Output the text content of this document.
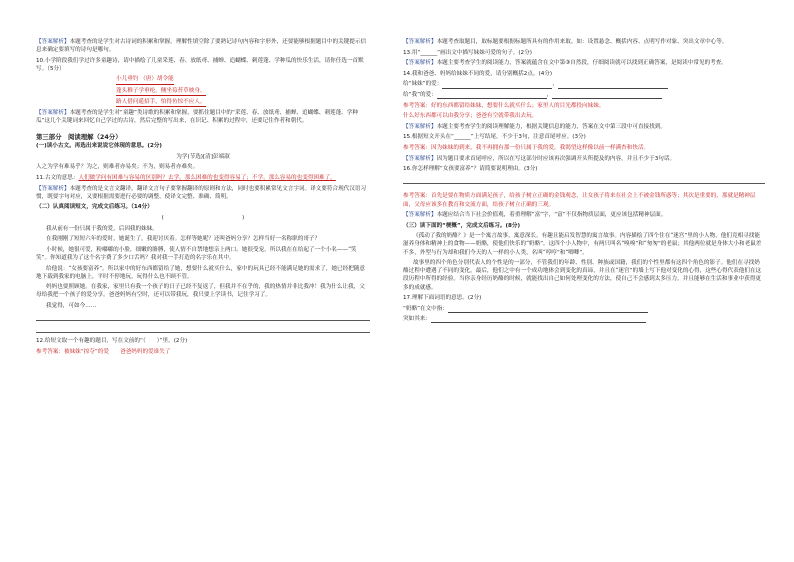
【答案解析】本题考查的是学生对古诗词的积累和掌握。理解性填空除了要熟记诗句内容和字形外，还要能够根据题目中的关键提示信息来确定要填写的诗句是哪句。

10.小学阶段我们学过许多童趣诗，请中描绘了儿童采莲、春、放纸鸢、捕蝉、追蝴蝶、刺莲蓬、学种瓜的快乐生活，请你任选一首默写。（5分）

小儿垂钓 （唐）胡令能
蓬头稚子学垂纶，侧坐莓苔草映身。
路人借问遥招手，怕得鱼惊不应人。

【答案解析】本题考查的是学生对“童趣”类诗歌的积累和掌握，要抓住题目中的“采莲、春、放纸鸢、捕蝉、追蝴蝶、刺莲蓬、学种瓜”这几个关键词来回忆自己学过的古诗，然后完整的写出来，在识记、积累的过程中，还要记住作者和朝代。

第三部分　阅读理解（24分）

(一)读小古文。再选出来说说它体现的意思。(2分)

为学(节选)[清]彭端淑

人之为学有难易乎？为之，则难者亦易矣；不为，则易者亦难矣。

11.古文的意思：人们做学问有困难与容易的区别吗？去学，那么困难的也变得容易了；不学，那么容易的也变得困难了。

【答案解析】本题考查的是文言文翻译，翻译文言句子要掌握翻译的原则和方法，同时也要积累常见文言字词。译文要符合现代汉语习惯，既要字句对应，又要根据需要进行必要的调整，使译文完整、准确、简明。

（二）认真阅读短文，完成文后练习。（14分）

(　　　　　　　　　　　　　　)

我从前有一份只属于我的爱，后因我的妹妹。

在我刚刚了短短六年的爱时，她诞生了，我迎讨厌着。怎样等她呢？还叫爸妈分享？怎样当好一名称职的哥子？

小时候，她很可爱，粉嘟嘟的小脸，细嫩的胳膊，使人情不自禁地想亲上两口。她很受宠，所以我在在给起了一个小名——“笑笑”。你知道我为了这个名字费了多少口舌吗？我对我一手打造的名字乐在其中。

给他说：“女孩要富养”。所以家中的好东西都留给了她，想要什么就买什么，家中的玩具已经不能满足她的需求了，她已经把随意地下载到我家的电脑上，平时不停地玩，玩得什么也不顾不管。

妈妈也要照顾她。在我家，家里只有我一个孩子的日子已经不复返了，但我并不在乎的，我的热情并非比我冲！我为什么让我，父母给我把一个孩子的爱分享。爸爸妈妈有空时，还可以带我玩，我只要上学读书，记住学习了。

我觉得，可如今……

12.给短文取一个有趣的题目，写在文前的“（　　）”里。(2分)

参考答案：被妹妹“掠夺”的爱　　爸爸妈妈的爱谁失了

【答案解析】本题考查取题目，取标题要根据标题所具有的作用来取。如：设置悬念、概括内容、点明写作对象、突出文章中心等。

13.用“______”画出文中描写妹妹可爱的句子。(2分)

【答案解析】本题主要考查学生的阅读能力，答案就蕴含在文中第③自然段，仔细阅读就可以找到正确答案，是阅读中常见的考查。

14.我和爸爸、妈妈给妹妹不同的爱，请分别概括2点。(4分)

给“妹妹”的爱：	，

给“我”的爱：	，

参考答案：好的东西都留给妹妹，想要什么就买什么；家里人的目光都投向妹妹。

什么好东西都可以由我分享；爸爸有空就带我出去玩。

【答案解析】本题主要考查学生的阅读理解能力，根据关键信息的能力，答案在文中第三段中可直接找到。

15.根据短文开头在“______”上写结尾，不少于3句，注意首尾呼应。(3分)

参考答案：因为妹妹的到来，我不再拥有那一份只属于我的爱，我渴望这样像以前一样满杏和快活。

【答案解析】因为题目要求首尾呼应，所以在写这部分时应该再次强调开头所提及的内容，并且不少于3句话。

16.你怎样理解“女孩要富养”？请简要说明理由。(3分)

参考答案：首先是要在物质方面满足孩子，给孩子树立正确的金钱观念，让女孩子将来在社会上不被金钱所惑等；其次是重要的，那就是精神层面，父母应该多在教育和交流方面，给孩子树立正确的三观。

【答案解析】本题应结合当下社会价值观，着重理解“富”字，“富”不仅指物质层面，更应该包括精神层面。

（三）读下面的“梗概”，完成文后练习。(8分)

《孤动了我的奶酪？》是一个寓言故事，寓意深长，有趣且能启发智慧的寓言故事。内容描绘了四个住在“迷宫”里的小人物，他们竞相寻找能滋养身体和精神上的食物——奶酪，使他们快乐的“奶酪”。这四个小人物中，有两只叫名“嗅嗅”和“匆匆”的老鼠；其他两位就是身体大小和老鼠差不多，外型与行为却和我们今天的人一样的小人类，名叫“哼哼”和“唧唧”。

故事里的四个角色分别代表人的个性是的一部分，不管我们的年龄、性别、种族或国籍，我们的个性里都有这四个角色的影子。他们在寻找奶酪过程中遭遇了不同的变化，最后，他们之中有一个成功地体会到变化的真谛，并且在“迷宫”的墙上写下他对变化的心得，这些心得代表他们在这段历程中所得的经验。当你亲身经历奶酪的时候，就能找出自己如何处理变化的方法，使自己不会感到太多压力，并且能够在生活和事业中获得更多的成就感。

17.理解下面词语的意思。(2分)

“奶酪”在文中指：

突如其来：
